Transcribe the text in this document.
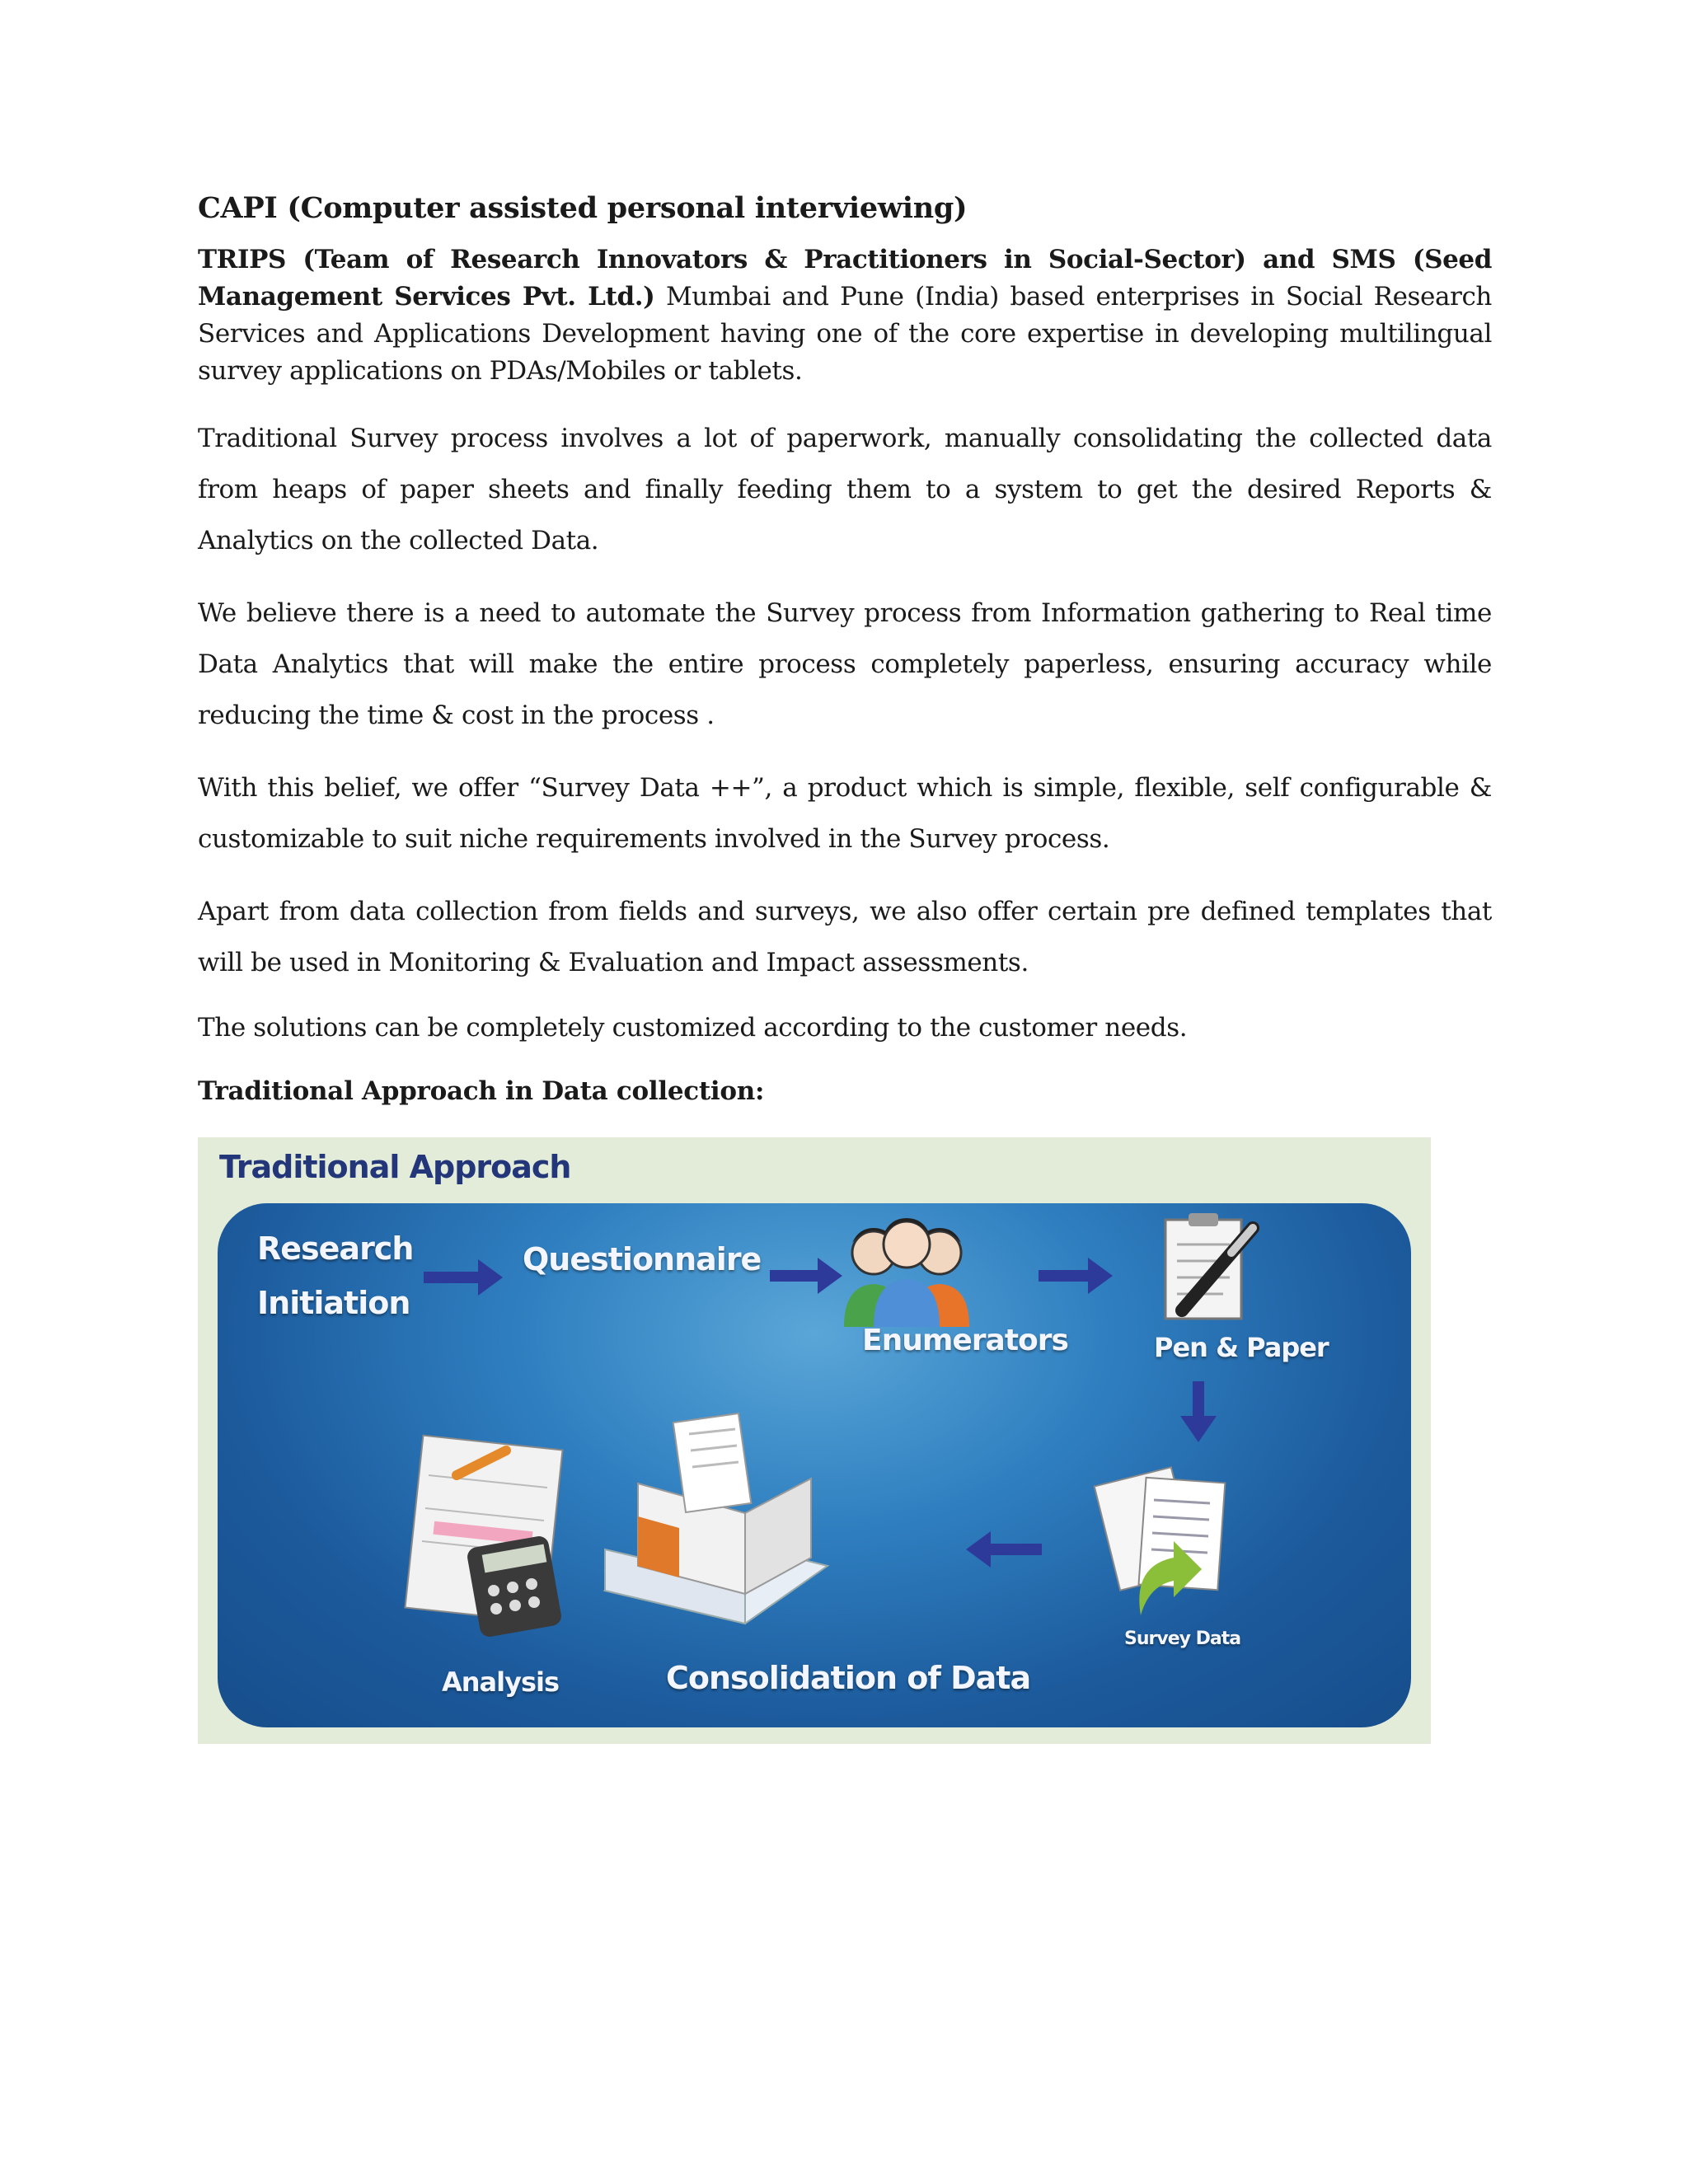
CAPI (Computer assisted personal interviewing)

TRIPS (Team of Research Innovators & Practitioners in Social-Sector) and SMS (Seed Management Services Pvt. Ltd.) Mumbai and Pune (India) based enterprises in Social Research Services and Applications Development having one of the core expertise in developing multilingual survey applications on PDAs/Mobiles or tablets.

Traditional Survey process involves a lot of paperwork, manually consolidating the collected data from heaps of paper sheets and finally feeding them to a system to get the desired Reports & Analytics on the collected Data.

We believe there is a need to automate the Survey process from Information gathering to Real time Data Analytics that will make the entire process completely paperless, ensuring accuracy while reducing the time & cost in the process .

With this belief, we offer “Survey Data ++”, a product which is simple, flexible, self configurable & customizable to suit niche requirements involved in the Survey process.

Apart from data collection from fields and surveys, we also offer certain pre defined templates that will be used in Monitoring & Evaluation and Impact assessments.

The solutions can be completely customized according to the customer needs.

Traditional Approach in Data collection:
Traditional Approach
Research
Initiation
Questionnaire
Enumerators	Pen & Paper
Survey Data
Consolidation of Data
Analysis
